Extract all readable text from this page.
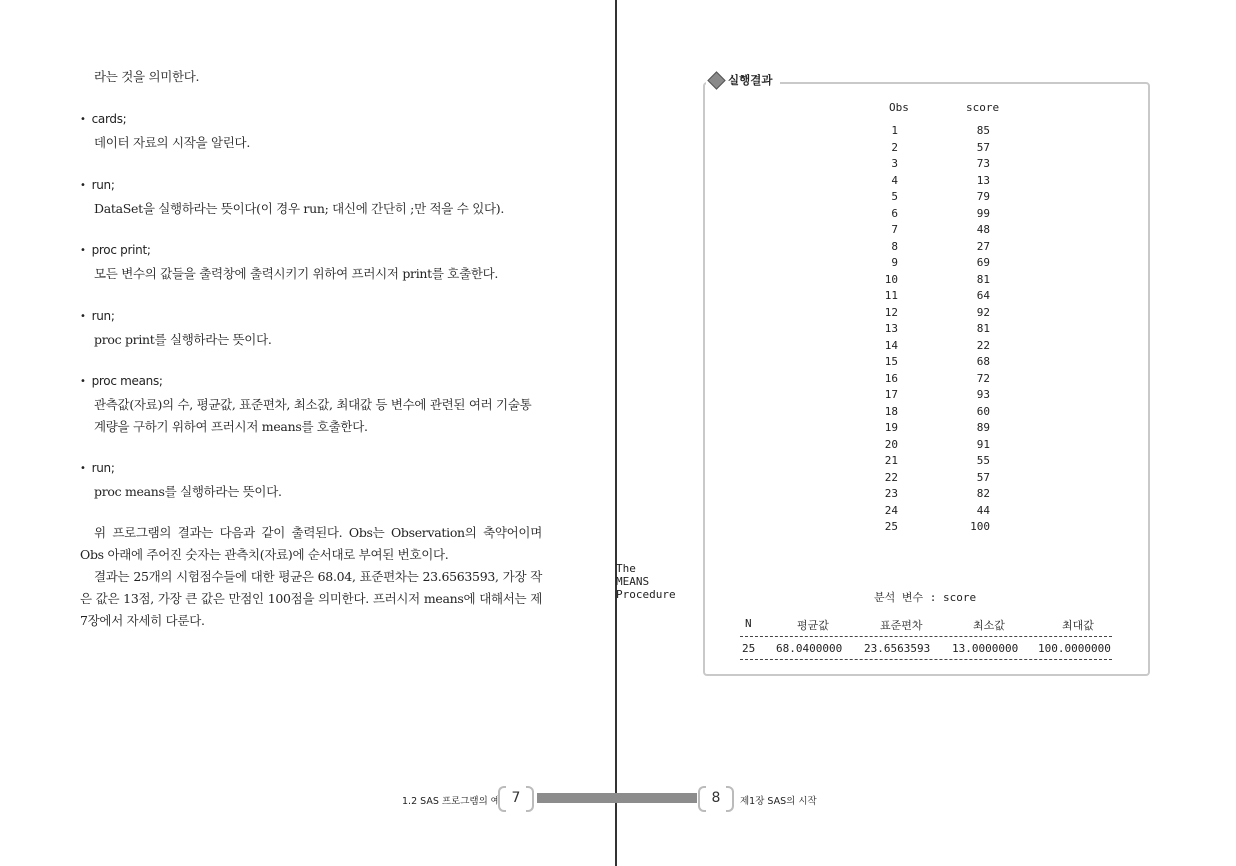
라는 것을 의미한다.
• cards;
데이터 자료의 시작을 알린다.
• run;
DataSet을 실행하라는 뜻이다(이 경우 run; 대신에 간단히 ;만 적을 수 있다).
• proc print;
모든 변수의 값들을 출력창에 출력시키기 위하여 프러시저 print를 호출한다.
• run;
proc print를 실행하라는 뜻이다.
• proc means;
관측값(자료)의 수, 평균값, 표준편차, 최소값, 최대값 등 변수에 관련된 여러 기술통계량을 구하기 위하여 프러시저 means를 호출한다.
• run;
proc means를 실행하라는 뜻이다.

위 프로그램의 결과는 다음과 같이 출력된다. Obs는 Observation의 축약어이며 Obs 아래에 주어진 숫자는 관측치(자료)에 순서대로 부여된 번호이다.

결과는 25개의 시험점수들에 대한 평균은 68.04, 표준편차는 23.6563593, 가장 작은 값은 13점, 가장 큰 값은 만점인 100점을 의미한다. 프러시저 means에 대해서는 제7장에서 자세히 다룬다.

실행결과
Obs	score
1	85
2	57
3	73
4	13
5	79
6	99
7	48
8	27
9	69
10	81
11	64
12	92
13	81
14	22
15	68
16	72
17	93
18	60
19	89
20	91
21	55
22	57
23	82
24	44
25	100
The MEANS Procedure	분석 변수 : score
N	평균값	표준편차	최소값	최대값
25 68.0400000 23.6563593 13.0000000 100.0000000
1.2 SAS 프로그램의 예 7	8	제1장 SAS의 시작
